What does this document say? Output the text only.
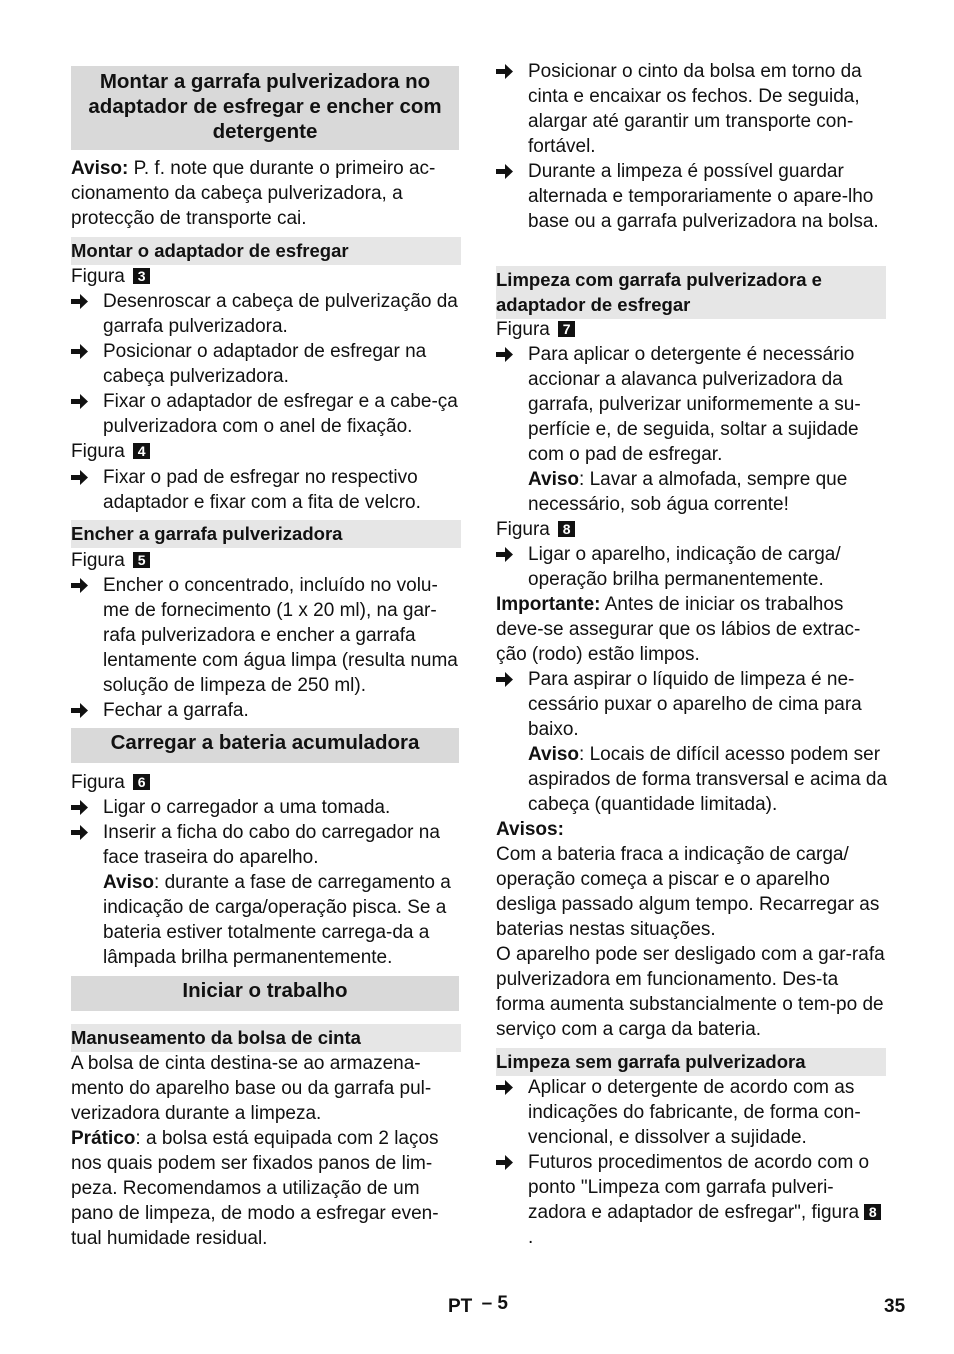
Montar a garrafa pulverizadora no adaptador de esfregar e encher com detergente

Aviso: P. f. note que durante o primeiro ac-cionamento da cabeça pulverizadora, a protecção de transporte cai.

Montar o adaptador de esfregar

Figura 3

Desenroscar a cabeça de pulverização da garrafa pulverizadora.
Posicionar o adaptador de esfregar na cabeça pulverizadora.
Fixar o adaptador de esfregar e a cabe-ça pulverizadora com o anel de fixação.

Figura 4

Fixar o pad de esfregar no respectivo adaptador e fixar com a fita de velcro.
Encher a garrafa pulverizadora

Figura 5

Encher o concentrado, incluído no volu-me de fornecimento (1 x 20 ml), na gar-rafa pulverizadora e encher a garrafa lentamente com água limpa (resulta numa solução de limpeza de 250 ml).
Fechar a garrafa.
Carregar a bateria acumuladora

Figura 6

Ligar o carregador a uma tomada.
Inserir a ficha do cabo do carregador na face traseira do aparelho.
Aviso: durante a fase de carregamento a indicação de carga/operação pisca. Se a bateria estiver totalmente carrega-da a lâmpada brilha permanentemente.
Iniciar o trabalho
Manuseamento da bolsa de cinta

A bolsa de cinta destina-se ao armazena-mento do aparelho base ou da garrafa pul-verizadora durante a limpeza.

Prático: a bolsa está equipada com 2 laços nos quais podem ser fixados panos de lim-peza. Recomendamos a utilização de um pano de limpeza, de modo a esfregar even-tual humidade residual.

Posicionar o cinto da bolsa em torno da cinta e encaixar os fechos. De seguida, alargar até garantir um transporte con-fortável.
Durante a limpeza é possível guardar alternada e temporariamente o apare-lho base ou a garrafa pulverizadora na bolsa.
Limpeza com garrafa pulverizadora e adaptador de esfregar

Figura 7

Para aplicar o detergente é necessário accionar a alavanca pulverizadora da garrafa, pulverizar uniformemente a su-perfície e, de seguida, soltar a sujidade com o pad de esfregar.
Aviso: Lavar a almofada, sempre que necessário, sob água corrente!

Figura 8

Ligar o aparelho, indicação de carga/ operação brilha permanentemente.

Importante: Antes de iniciar os trabalhos deve-se assegurar que os lábios de extrac-ção (rodo) estão limpos.

Para aspirar o líquido de limpeza é ne-cessário puxar o aparelho de cima para baixo.
Aviso: Locais de difícil acesso podem ser aspirados de forma transversal e acima da cabeça (quantidade limitada).

Avisos:

Com a bateria fraca a indicação de carga/ operação começa a piscar e o aparelho desliga passado algum tempo. Recarregar as baterias nestas situações.

O aparelho pode ser desligado com a gar-rafa pulverizadora em funcionamento. Des-ta forma aumenta substancialmente o tem-po de serviço com a carga da bateria.

Limpeza sem garrafa pulverizadora
Aplicar o detergente de acordo com as indicações do fabricante, de forma con-vencional, e dissolver a sujidade.
Futuros procedimentos de acordo com o ponto "Limpeza com garrafa pulveri-zadora e adaptador de esfregar", figura 8 .
PT – 5	35
